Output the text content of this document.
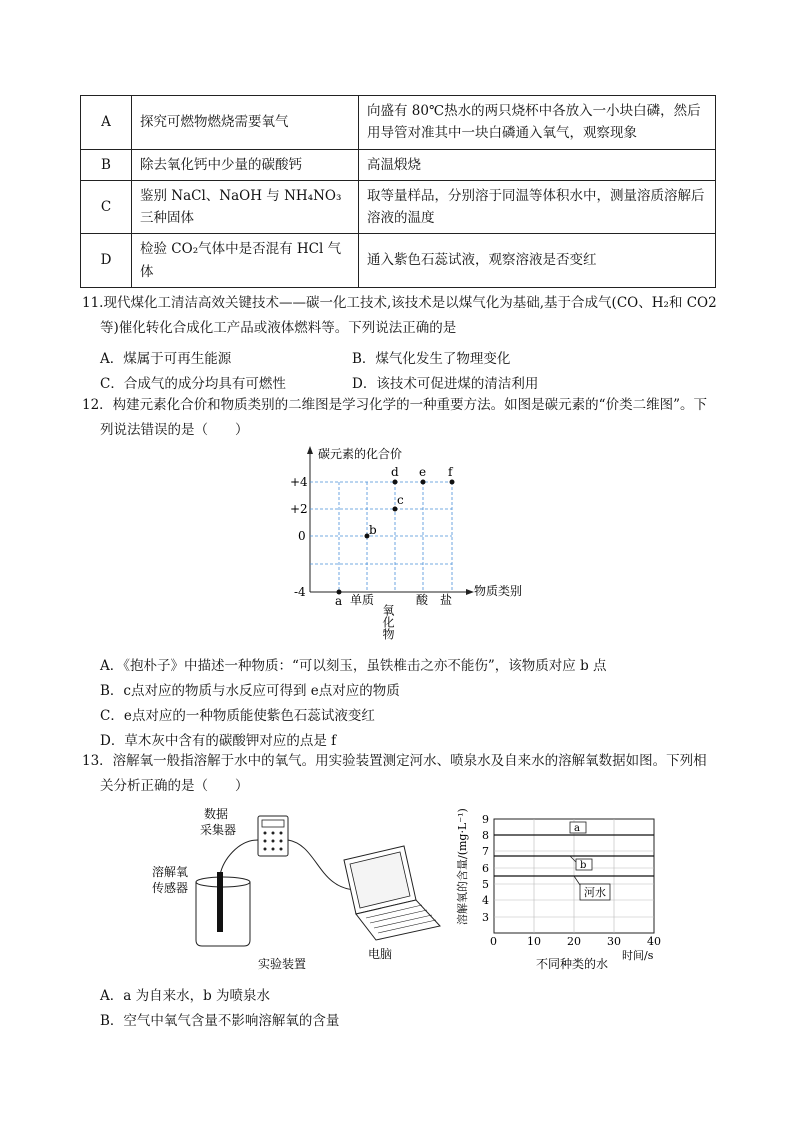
A	探究可燃物燃烧需要氧气	向盛有 80℃热水的两只烧杯中各放入一小块白磷，然后用导管对准其中一块白磷通入氧气，观察现象
B	除去氧化钙中少量的碳酸钙	高温煅烧
C	鉴别 NaCl、NaOH 与 NH₄NO₃三种固体	取等量样品，分别溶于同温等体积水中，测量溶质溶解后溶液的温度
D	检验 CO₂气体中是否混有 HCl 气体	通入紫色石蕊试液，观察溶液是否变红
11.现代煤化工清洁高效关键技术——碳一化工技术,该技术是以煤气化为基础,基于合成气(CO、H₂和 CO2
等)催化转化合成化工产品或液体燃料等。下列说法正确的是
A．煤属于可再生能源	B．煤气化发生了物理变化
C．合成气的成分均具有可燃性	D．该技术可促进煤的清洁利用
12．构建元素化合价和物质类别的二维图是学习化学的一种重要方法。如图是碳元素的“价类二维图”。下
列说法错误的是（　　）
碳元素的化合价
物质类别
+4
+2
0
-4
单质
氧化物
酸 盐
a
b
c
d e f
A．《抱朴子》中描述一种物质：“可以刻玉，虽铁椎击之亦不能伤”，该物质对应 b 点
B．c点对应的物质与水反应可得到 e点对应的物质
C．e点对应的一种物质能使紫色石蕊试液变红
D．草木灰中含有的碳酸钾对应的点是 f
13．溶解氧一般指溶解于水中的氧气。用实验装置测定河水、喷泉水及自来水的溶解氧数据如图。下列相
关分析正确的是（　　）
数据
采集器
溶解氧
传感器
电脑
实验装置
溶解氧的含量/(mg·L⁻¹) 9
8
7
6
5
4
3
0	10 20 30 40
时间/s
不同种类的水
a
b
河水
A．a 为自来水，b 为喷泉水
B．空气中氧气含量不影响溶解氧的含量
